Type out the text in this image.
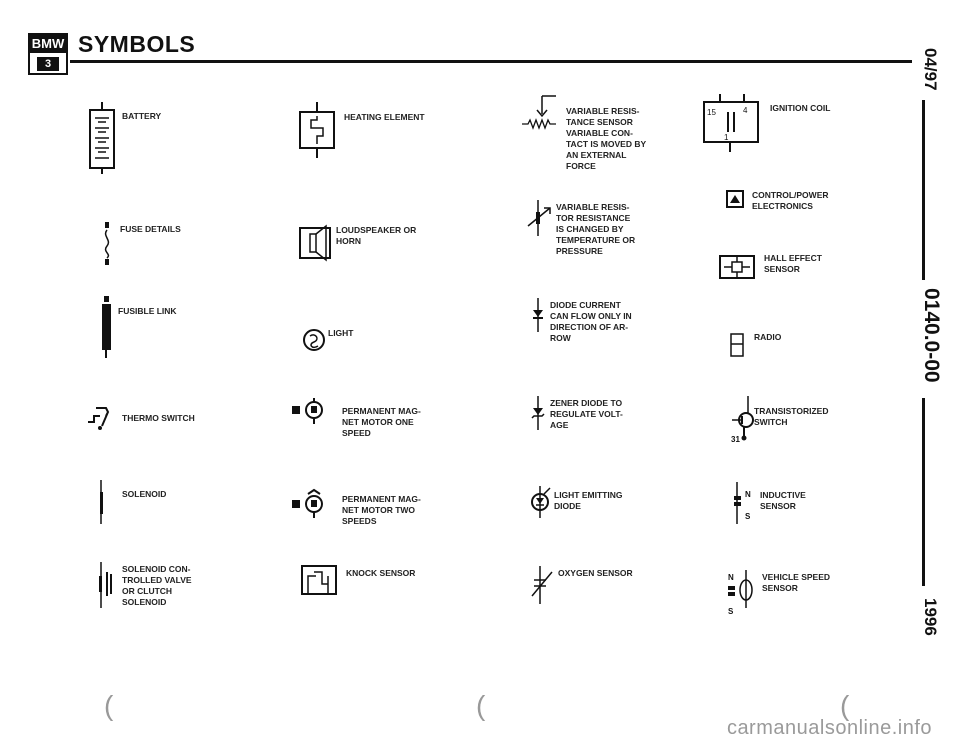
BMW
3
SYMBOLS
04/97
0140.0-00
1996
BATTERY
FUSE DETAILS
FUSIBLE LINK
THERMO SWITCH
SOLENOID
SOLENOID CON-
TROLLED VALVE
OR CLUTCH
SOLENOID
HEATING ELEMENT
LOUDSPEAKER OR
HORN
LIGHT
PERMANENT MAG-
NET MOTOR ONE
SPEED
PERMANENT MAG-
NET MOTOR TWO
SPEEDS
KNOCK SENSOR
VARIABLE RESIS-
TANCE SENSOR
VARIABLE CON-
TACT IS MOVED BY
AN EXTERNAL
FORCE
VARIABLE RESIS-
TOR RESISTANCE
IS CHANGED BY
TEMPERATURE OR
PRESSURE
DIODE CURRENT
CAN FLOW ONLY IN
DIRECTION OF AR-
ROW
ZENER DIODE TO
REGULATE VOLT-
AGE
LIGHT EMITTING
DIODE
OXYGEN SENSOR
15	4
1
IGNITION COIL
CONTROL/POWER
ELECTRONICS
HALL EFFECT
SENSOR
RADIO
31
TRANSISTORIZED
SWITCH
N
S
INDUCTIVE
SENSOR
N
S
VEHICLE SPEED
SENSOR
(	(	(
carmanualsonline.info
